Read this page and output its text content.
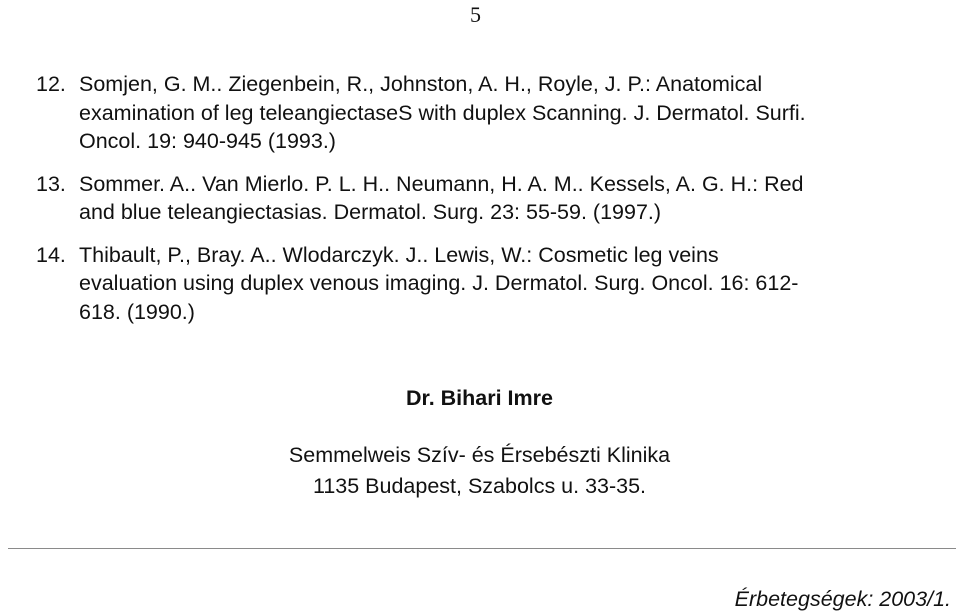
5
12. Somjen, G. M.. Ziegenbein, R., Johnston, A. H., Royle, J. P.: Anatomical
examination of leg teleangiectaseS with duplex Scanning. J. Dermatol. Surfi.
Oncol. 19: 940-945 (1993.)
13. Sommer. A.. Van Mierlo. P. L. H.. Neumann, H. A. M.. Kessels, A. G. H.: Red
and blue teleangiectasias. Dermatol. Surg. 23: 55-59. (1997.)
14. Thibault, P., Bray. A.. Wlodarczyk. J.. Lewis, W.: Cosmetic leg veins
evaluation using duplex venous imaging. J. Dermatol. Surg. Oncol. 16: 612-
618. (1990.)
Dr. Bihari Imre
Semmelweis Szív- és Érsebészti Klinika
1135 Budapest, Szabolcs u. 33-35.
Érbetegségek: 2003/1.
